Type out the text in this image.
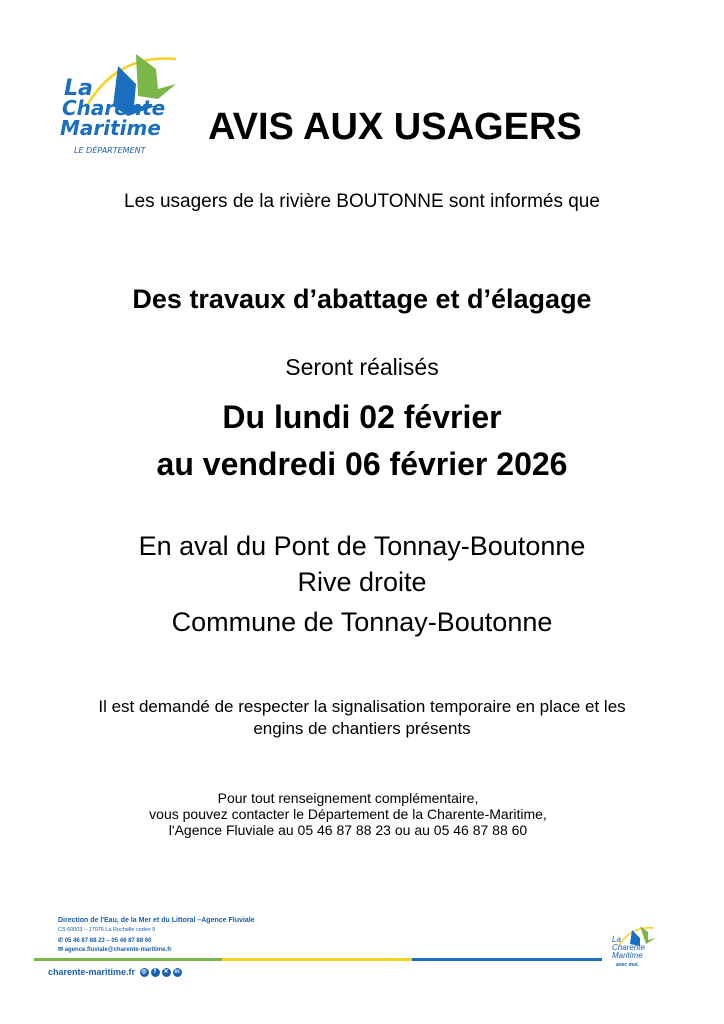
La
Charente
Maritime
LE DÉPARTEMENT
AVIS AUX USAGERS
Les usagers de la rivière BOUTONNE sont informés que
Des travaux d’abattage et d’élagage
Seront réalisés
Du lundi 02 février
au vendredi 06 février 2026
En aval du Pont de Tonnay-Boutonne
Rive droite
Commune de Tonnay-Boutonne
Il est demandé de respecter la signalisation temporaire en place et les
engins de chantiers présents
Pour tout renseignement complémentaire,
vous pouvez contacter le Département de la Charente-Maritime,
l'Agence Fluviale au 05 46 87 88 23 ou au 05 46 87 88 60
Direction de l'Eau, de la Mer et du Littoral –Agence Fluviale
CS 60003 – 17076 La Rochelle cedex 9
✆ 05 46 87 88 23 – 05 46 87 88 60
✉ agence.fluviale@charente-maritime.fr
charente-maritime.fr ◎ f ✕ in
La
Charente
Maritime
avec moi.
